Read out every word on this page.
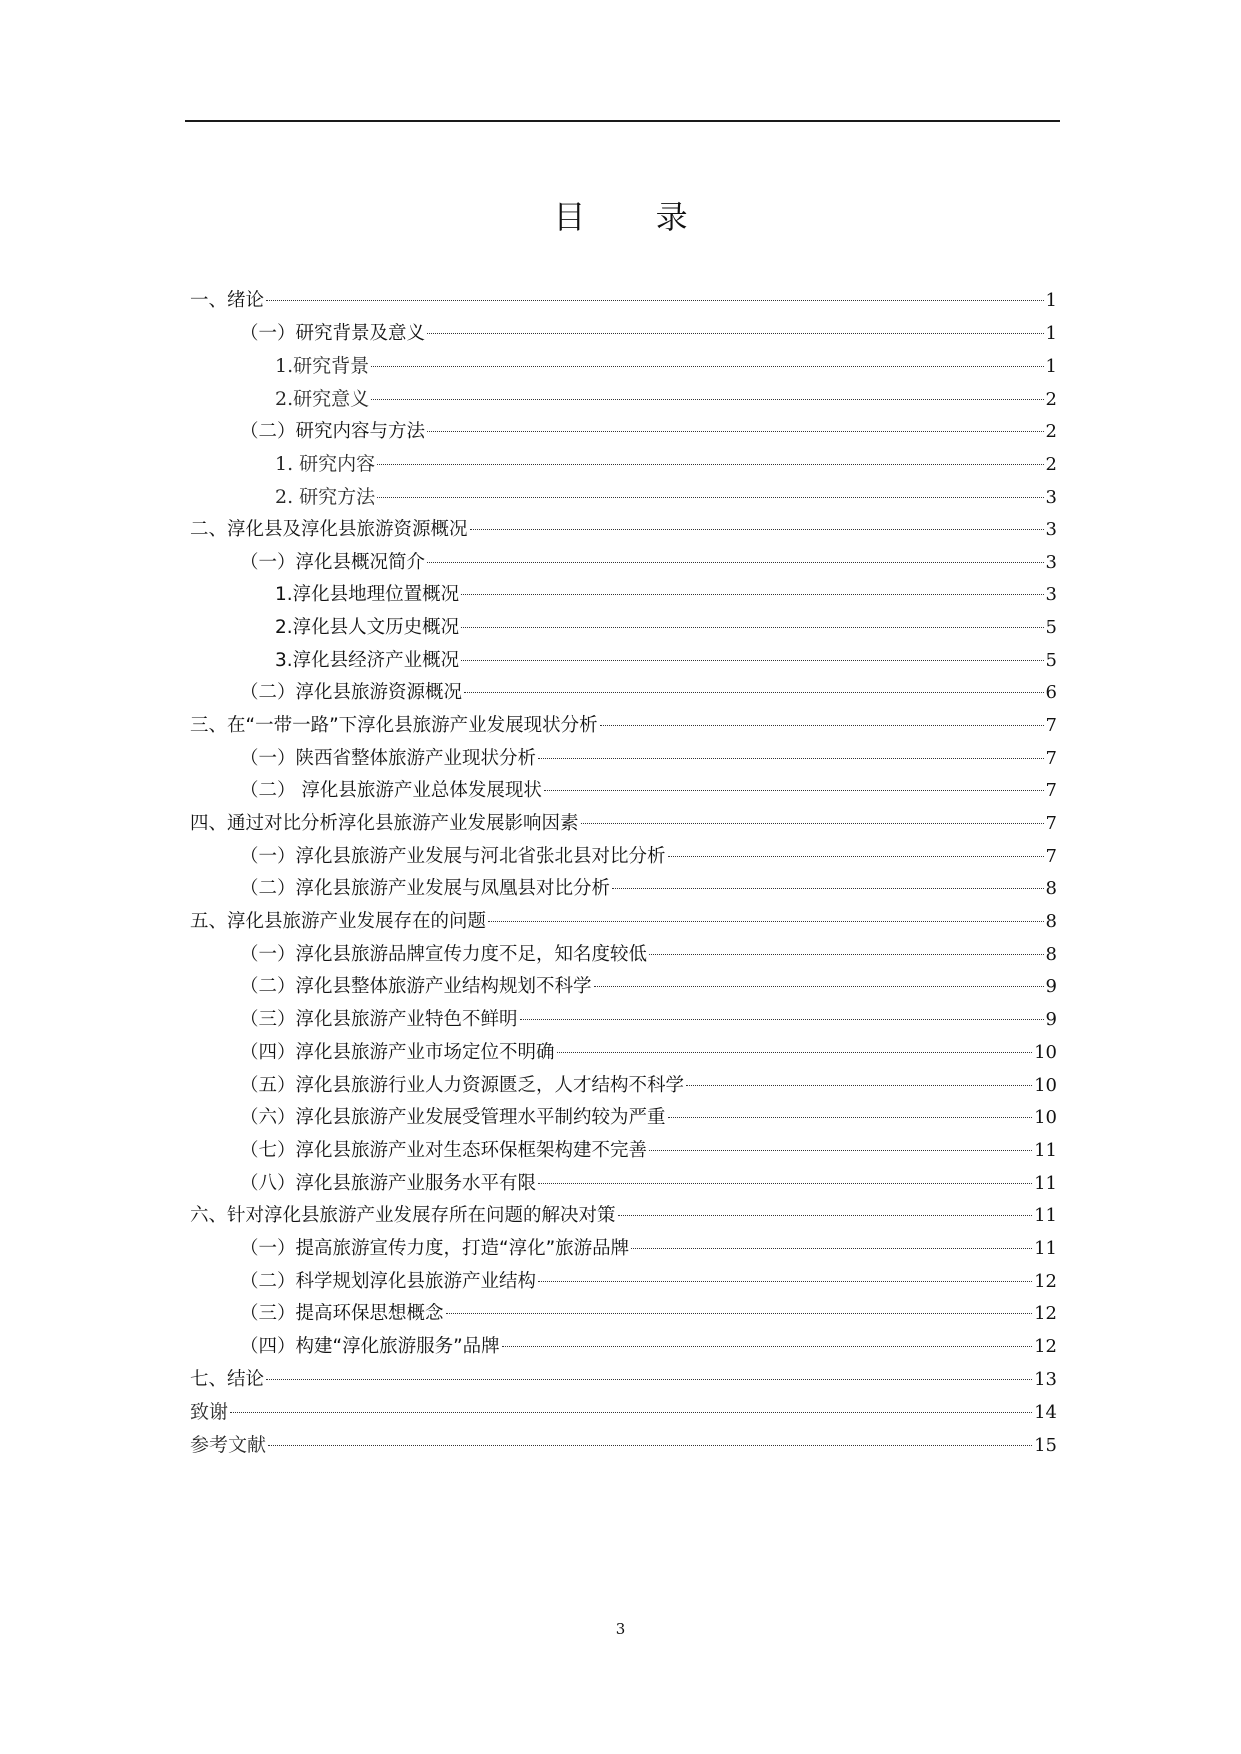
目 录
一、绪论	1
（一）研究背景及意义	1
1.研究背景	1
2.研究意义	2
（二）研究内容与方法	2
1. 研究内容	2
2. 研究方法	3
二、淳化县及淳化县旅游资源概况	3
（一）淳化县概况简介	3
1.淳化县地理位置概况	3
2.淳化县人文历史概况	5
3.淳化县经济产业概况	5
（二）淳化县旅游资源概况	6
三、在“一带一路”下淳化县旅游产业发展现状分析	7
（一）陕西省整体旅游产业现状分析	7
（二） 淳化县旅游产业总体发展现状	7
四、通过对比分析淳化县旅游产业发展影响因素	7
（一）淳化县旅游产业发展与河北省张北县对比分析	7
（二）淳化县旅游产业发展与凤凰县对比分析	8
五、淳化县旅游产业发展存在的问题	8
（一）淳化县旅游品牌宣传力度不足，知名度较低	8
（二）淳化县整体旅游产业结构规划不科学	9
（三）淳化县旅游产业特色不鲜明	9
（四）淳化县旅游产业市场定位不明确	10
（五）淳化县旅游行业人力资源匮乏，人才结构不科学	10
（六）淳化县旅游产业发展受管理水平制约较为严重	10
（七）淳化县旅游产业对生态环保框架构建不完善	11
（八）淳化县旅游产业服务水平有限	11
六、针对淳化县旅游产业发展存所在问题的解决对策	11
（一）提高旅游宣传力度，打造“淳化”旅游品牌	11
（二）科学规划淳化县旅游产业结构	12
（三）提高环保思想概念	12
（四）构建“淳化旅游服务”品牌	12
七、结论	13
致谢	14
参考文献	15
3
